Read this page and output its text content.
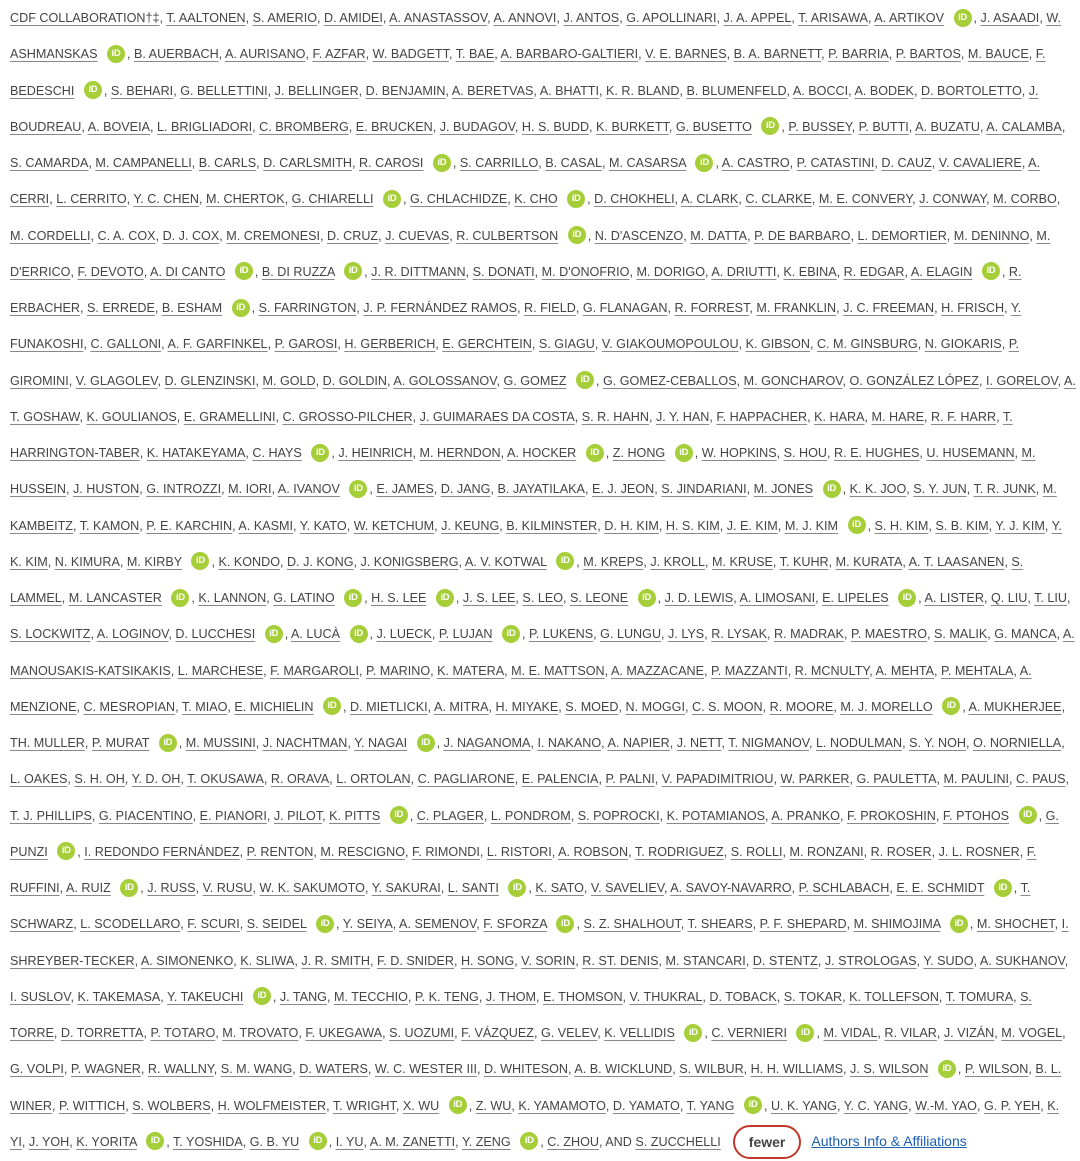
CDF COLLABORATION†‡, T. AALTONEN, S. AMERIO, D. AMIDEI, A. ANASTASSOV, A. ANNOVI, J. ANTOS, G. APOLLINARI, J. A. APPEL, T. ARISAWA, A. ARTIKOV iD , J. ASAADI, W. ASHMANSKAS iD , B. AUERBACH, A. AURISANO, F. AZFAR, W. BADGETT, T. BAE, A. BARBARO-GALTIERI, V. E. BARNES, B. A. BARNETT, P. BARRIA, P. BARTOS, M. BAUCE, F. BEDESCHI iD , S. BEHARI, G. BELLETTINI, J. BELLINGER, D. BENJAMIN, A. BERETVAS, A. BHATTI, K. R. BLAND, B. BLUMENFELD, A. BOCCI, A. BODEK, D. BORTOLETTO, J. BOUDREAU, A. BOVEIA, L. BRIGLIADORI, C. BROMBERG, E. BRUCKEN, J. BUDAGOV, H. S. BUDD, K. BURKETT, G. BUSETTO iD , P. BUSSEY, P. BUTTI, A. BUZATU, A. CALAMBA, S. CAMARDA, M. CAMPANELLI, B. CARLS, D. CARLSMITH, R. CAROSI iD , S. CARRILLO, B. CASAL, M. CASARSA iD , A. CASTRO, P. CATASTINI, D. CAUZ, V. CAVALIERE, A. CERRI, L. CERRITO, Y. C. CHEN, M. CHERTOK, G. CHIARELLI iD , G. CHLACHIDZE, K. CHO iD , D. CHOKHELI, A. CLARK, C. CLARKE, M. E. CONVERY, J. CONWAY, M. CORBO, M. CORDELLI, C. A. COX, D. J. COX, M. CREMONESI, D. CRUZ, J. CUEVAS, R. CULBERTSON iD , N. D'ASCENZO, M. DATTA, P. DE BARBARO, L. DEMORTIER, M. DENINNO, M. D'ERRICO, F. DEVOTO, A. DI CANTO iD , B. DI RUZZA iD , J. R. DITTMANN, S. DONATI, M. D'ONOFRIO, M. DORIGO, A. DRIUTTI, K. EBINA, R. EDGAR, A. ELAGIN iD , R. ERBACHER, S. ERREDE, B. ESHAM iD , S. FARRINGTON, J. P. FERNÁNDEZ RAMOS, R. FIELD, G. FLANAGAN, R. FORREST, M. FRANKLIN, J. C. FREEMAN, H. FRISCH, Y. FUNAKOSHI, C. GALLONI, A. F. GARFINKEL, P. GAROSI, H. GERBERICH, E. GERCHTEIN, S. GIAGU, V. GIAKOUMOPOULOU, K. GIBSON, C. M. GINSBURG, N. GIOKARIS, P. GIROMINI, V. GLAGOLEV, D. GLENZINSKI, M. GOLD, D. GOLDIN, A. GOLOSSANOV, G. GOMEZ iD , G. GOMEZ-CEBALLOS, M. GONCHAROV, O. GONZÁLEZ LÓPEZ, I. GORELOV, A. T. GOSHAW, K. GOULIANOS, E. GRAMELLINI, C. GROSSO-PILCHER, J. GUIMARAES DA COSTA, S. R. HAHN, J. Y. HAN, F. HAPPACHER, K. HARA, M. HARE, R. F. HARR, T. HARRINGTON-TABER, K. HATAKEYAMA, C. HAYS iD , J. HEINRICH, M. HERNDON, A. HOCKER iD , Z. HONG iD , W. HOPKINS, S. HOU, R. E. HUGHES, U. HUSEMANN, M. HUSSEIN, J. HUSTON, G. INTROZZI, M. IORI, A. IVANOV iD , E. JAMES, D. JANG, B. JAYATILAKA, E. J. JEON, S. JINDARIANI, M. JONES iD , K. K. JOO, S. Y. JUN, T. R. JUNK, M. KAMBEITZ, T. KAMON, P. E. KARCHIN, A. KASMI, Y. KATO, W. KETCHUM, J. KEUNG, B. KILMINSTER, D. H. KIM, H. S. KIM, J. E. KIM, M. J. KIM iD , S. H. KIM, S. B. KIM, Y. J. KIM, Y. K. KIM, N. KIMURA, M. KIRBY iD , K. KONDO, D. J. KONG, J. KONIGSBERG, A. V. KOTWAL iD , M. KREPS, J. KROLL, M. KRUSE, T. KUHR, M. KURATA, A. T. LAASANEN, S. LAMMEL, M. LANCASTER iD , K. LANNON, G. LATINO iD , H. S. LEE iD , J. S. LEE, S. LEO, S. LEONE iD , J. D. LEWIS, A. LIMOSANI, E. LIPELES iD , A. LISTER, Q. LIU, T. LIU, S. LOCKWITZ, A. LOGINOV, D. LUCCHESI iD , A. LUCÀ iD , J. LUECK, P. LUJAN iD , P. LUKENS, G. LUNGU, J. LYS, R. LYSAK, R. MADRAK, P. MAESTRO, S. MALIK, G. MANCA, A. MANOUSAKIS-KATSIKAKIS, L. MARCHESE, F. MARGAROLI, P. MARINO, K. MATERA, M. E. MATTSON, A. MAZZACANE, P. MAZZANTI, R. MCNULTY, A. MEHTA, P. MEHTALA, A. MENZIONE, C. MESROPIAN, T. MIAO, E. MICHIELIN iD , D. MIETLICKI, A. MITRA, H. MIYAKE, S. MOED, N. MOGGI, C. S. MOON, R. MOORE, M. J. MORELLO iD , A. MUKHERJEE, TH. MULLER, P. MURAT iD , M. MUSSINI, J. NACHTMAN, Y. NAGAI iD , J. NAGANOMA, I. NAKANO, A. NAPIER, J. NETT, T. NIGMANOV, L. NODULMAN, S. Y. NOH, O. NORNIELLA, L. OAKES, S. H. OH, Y. D. OH, T. OKUSAWA, R. ORAVA, L. ORTOLAN, C. PAGLIARONE, E. PALENCIA, P. PALNI, V. PAPADIMITRIOU, W. PARKER, G. PAULETTA, M. PAULINI, C. PAUS, T. J. PHILLIPS, G. PIACENTINO, E. PIANORI, J. PILOT, K. PITTS iD , C. PLAGER, L. PONDROM, S. POPROCKI, K. POTAMIANOS, A. PRANKO, F. PROKOSHIN, F. PTOHOS iD , G. PUNZI iD , I. REDONDO FERNÁNDEZ, P. RENTON, M. RESCIGNO, F. RIMONDI, L. RISTORI, A. ROBSON, T. RODRIGUEZ, S. ROLLI, M. RONZANI, R. ROSER, J. L. ROSNER, F. RUFFINI, A. RUIZ iD , J. RUSS, V. RUSU, W. K. SAKUMOTO, Y. SAKURAI, L. SANTI iD , K. SATO, V. SAVELIEV, A. SAVOY-NAVARRO, P. SCHLABACH, E. E. SCHMIDT iD , T. SCHWARZ, L. SCODELLARO, F. SCURI, S. SEIDEL iD , Y. SEIYA, A. SEMENOV, F. SFORZA iD , S. Z. SHALHOUT, T. SHEARS, P. F. SHEPARD, M. SHIMOJIMA iD , M. SHOCHET, I. SHREYBER-TECKER, A. SIMONENKO, K. SLIWA, J. R. SMITH, F. D. SNIDER, H. SONG, V. SORIN, R. ST. DENIS, M. STANCARI, D. STENTZ, J. STROLOGAS, Y. SUDO, A. SUKHANOV, I. SUSLOV, K. TAKEMASA, Y. TAKEUCHI iD , J. TANG, M. TECCHIO, P. K. TENG, J. THOM, E. THOMSON, V. THUKRAL, D. TOBACK, S. TOKAR, K. TOLLEFSON, T. TOMURA, S. TORRE, D. TORRETTA, P. TOTARO, M. TROVATO, F. UKEGAWA, S. UOZUMI, F. VÁZQUEZ, G. VELEV, K. VELLIDIS iD , C. VERNIERI iD , M. VIDAL, R. VILAR, J. VIZÁN, M. VOGEL, G. VOLPI, P. WAGNER, R. WALLNY, S. M. WANG, D. WATERS, W. C. WESTER III, D. WHITESON, A. B. WICKLUND, S. WILBUR, H. H. WILLIAMS, J. S. WILSON iD , P. WILSON, B. L. WINER, P. WITTICH, S. WOLBERS, H. WOLFMEISTER, T. WRIGHT, X. WU iD , Z. WU, K. YAMAMOTO, D. YAMATO, T. YANG iD , U. K. YANG, Y. C. YANG, W.-M. YAO, G. P. YEH, K. YI, J. YOH, K. YORITA iD , T. YOSHIDA, G. B. YU iD , I. YU, A. M. ZANETTI, Y. ZENG iD , C. ZHOU, AND S. ZUCCHELLI fewer Authors Info & Affiliations
